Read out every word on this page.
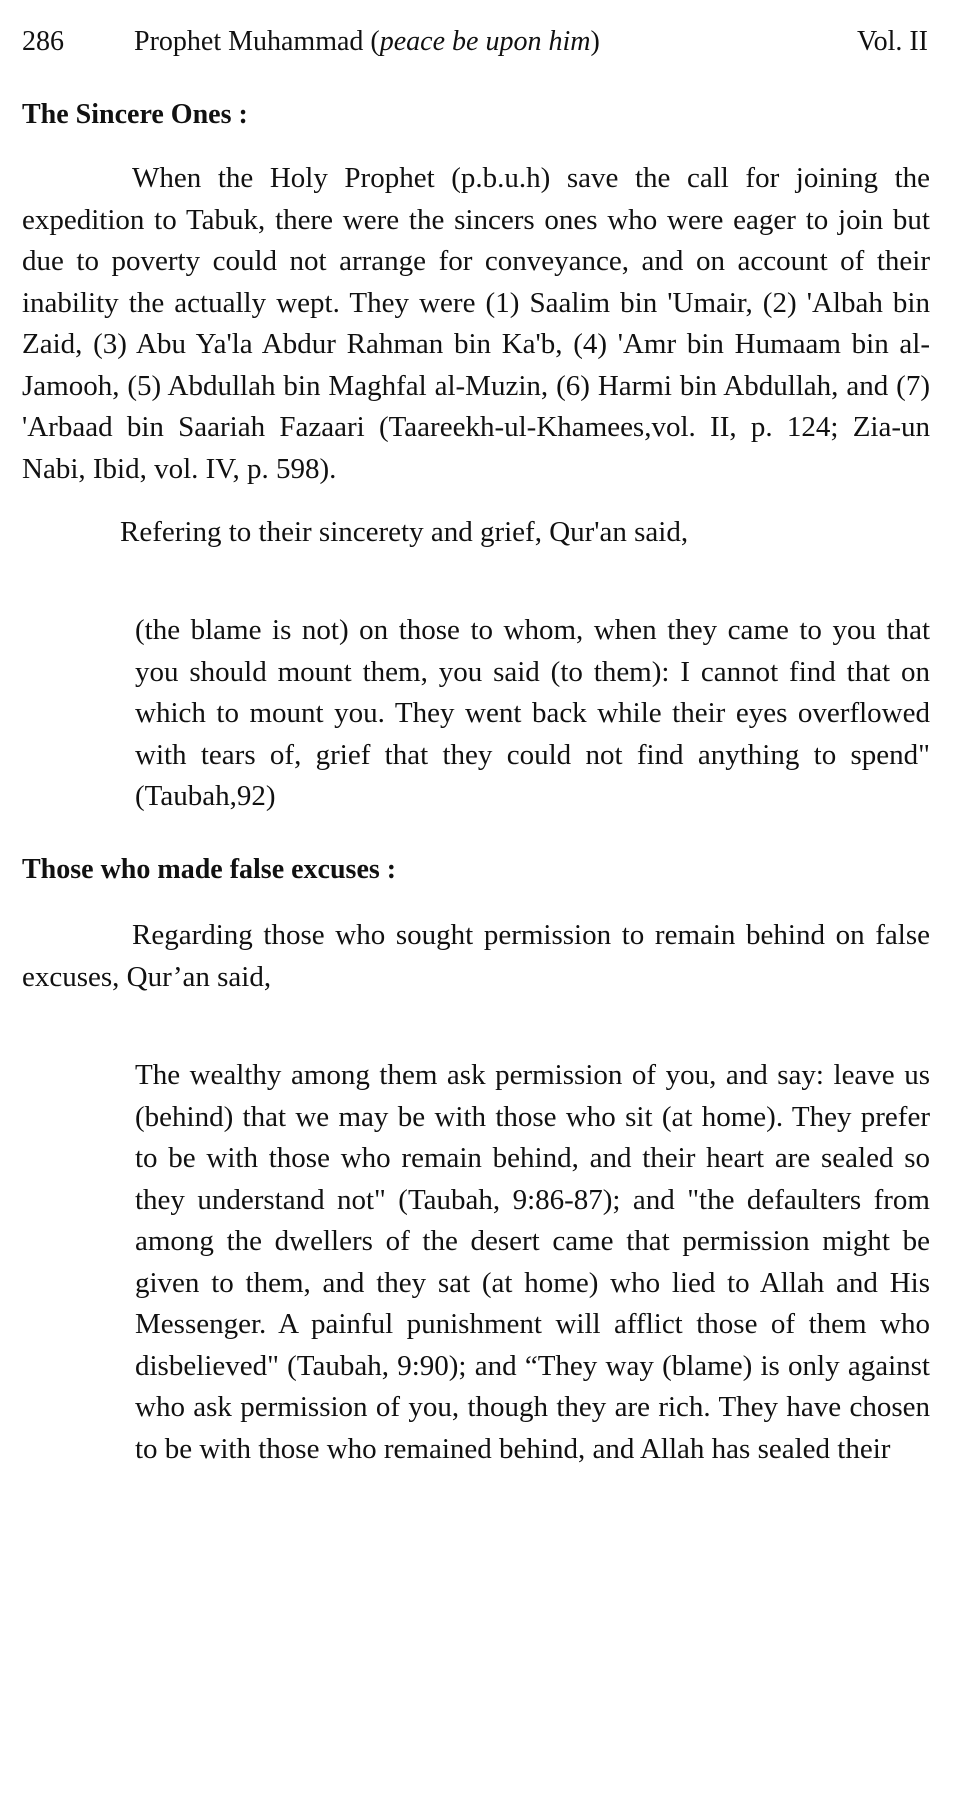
286	Prophet Muhammad (peace be upon him)	Vol. II
The Sincere Ones :
When the Holy Prophet (p.b.u.h) save the call for joining the expedition to Tabuk, there were the sincers ones who were eager to join but due to poverty could not arrange for conveyance, and on account of their inability the actually wept. They were (1) Saalim bin 'Umair, (2) 'Albah bin Zaid, (3) Abu Ya'la Abdur Rahman bin Ka'b, (4) 'Amr bin Humaam bin al-Jamooh, (5) Abdullah bin Maghfal al-Muzin, (6) Harmi bin Abdullah, and (7) 'Arbaad bin Saariah Fazaari (Taareekh-ul-Khamees,vol. II, p. 124; Zia-un Nabi, Ibid, vol. IV, p. 598).
Refering to their sincerety and grief, Qur'an said,
(the blame is not) on those to whom, when they came to you that you should mount them, you said (to them): I cannot find that on which to mount you. They went back while their eyes overflowed with tears of, grief that they could not find anything to spend" (Taubah,92)
Those who made false excuses :
Regarding those who sought permission to remain behind on false excuses, Qur’an said,
The wealthy among them ask permission of you, and say: leave us (behind) that we may be with those who sit (at home). They prefer to be with those who remain behind, and their heart are sealed so they understand not" (Taubah, 9:86-87); and "the defaulters from among the dwellers of the desert came that permission might be given to them, and they sat (at home) who lied to Allah and His Messenger. A painful punishment will afflict those of them who disbelieved" (Taubah, 9:90); and “They way (blame) is only against who ask permission of you, though they are rich. They have chosen to be with those who remained behind, and Allah has sealed their
